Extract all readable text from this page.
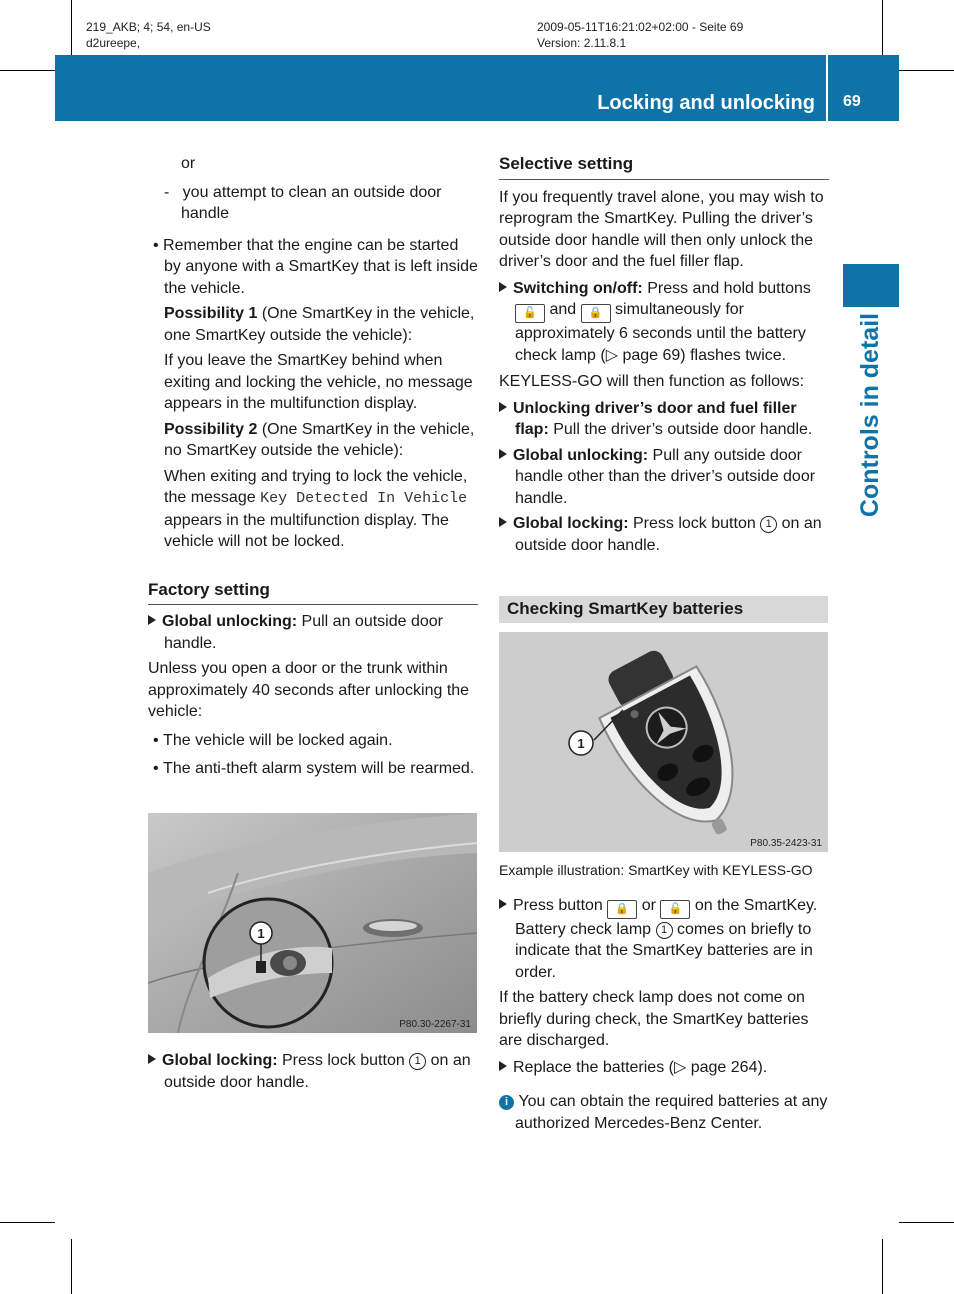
219_AKB; 4; 54, en-US
d2ureepe,
2009-05-11T16:21:02+02:00 - Seite 69
Version: 2.11.8.1
Locking and unlocking 69
Controls in detail

or

-   you attempt to clean an outside door handle

• Remember that the engine can be started by anyone with a SmartKey that is left inside the vehicle.

Possibility 1 (One SmartKey in the vehicle, one SmartKey outside the vehicle):

If you leave the SmartKey behind when exiting and locking the vehicle, no message appears in the multifunction display.

Possibility 2 (One SmartKey in the vehicle, no SmartKey outside the vehicle):

When exiting and trying to lock the vehicle, the message Key Detected In Vehicle appears in the multifunction display. The vehicle will not be locked.

Factory setting

Global unlocking: Pull an outside door handle.

Unless you open a door or the trunk within approximately 40 seconds after unlocking the vehicle:

• The vehicle will be locked again.

• The anti-theft alarm system will be rearmed.

1
P80.30-2267-31

Global locking: Press lock button 1 on an outside door handle.

Selective setting

If you frequently travel alone, you may wish to reprogram the SmartKey. Pulling the driver’s outside door handle will then only unlock the driver’s door and the fuel filler flap.

Switching on/off: Press and hold buttons 🔓 and 🔒 simultaneously for approximately 6 seconds until the battery check lamp (▷ page 69) flashes twice.

KEYLESS-GO will then function as follows:

Unlocking driver’s door and fuel filler flap: Pull the driver’s outside door handle.

Global unlocking: Pull any outside door handle other than the driver’s outside door handle.

Global locking: Press lock button 1 on an outside door handle.

Checking SmartKey batteries
1
P80.35-2423-31

Example illustration: SmartKey with KEYLESS-GO

Press button 🔒 or 🔓 on the SmartKey.

Battery check lamp 1 comes on briefly to indicate that the SmartKey batteries are in order.

If the battery check lamp does not come on briefly during check, the SmartKey batteries are discharged.

Replace the batteries (▷ page 264).

i You can obtain the required batteries at any authorized Mercedes-Benz Center.
